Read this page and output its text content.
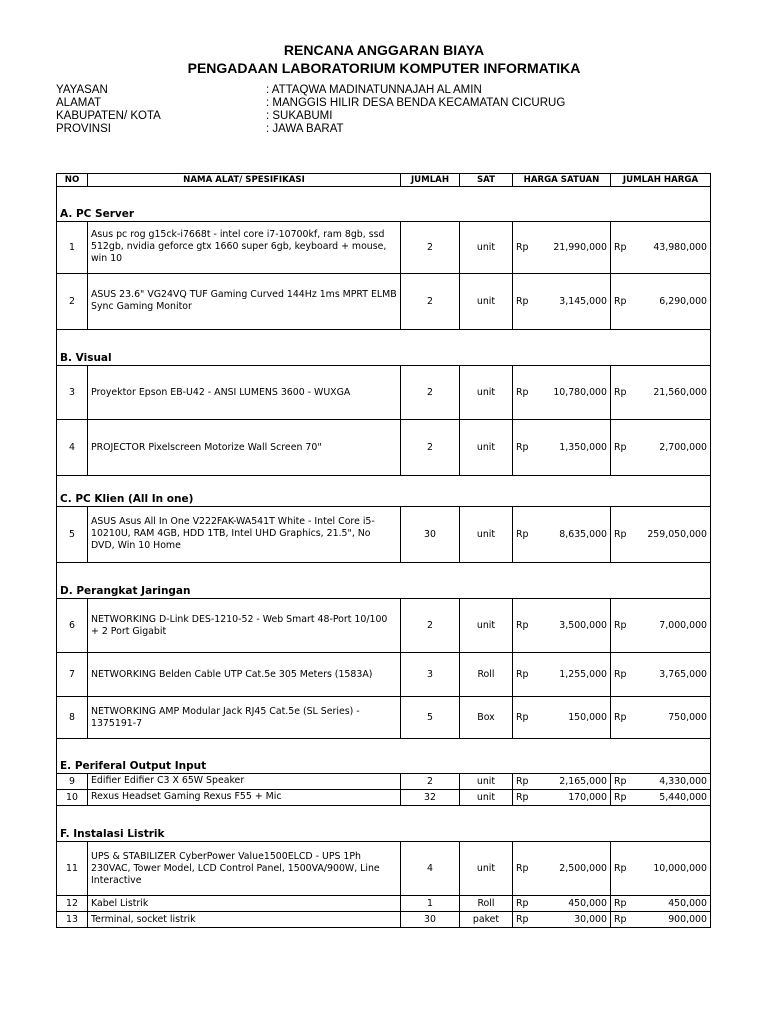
RENCANA ANGGARAN BIAYA
PENGADAAN LABORATORIUM KOMPUTER INFORMATIKA
YAYASAN	: ATTAQWA MADINATUNNAJAH AL AMIN
ALAMAT	: MANGGIS HILIR DESA BENDA KECAMATAN CICURUG
KABUPATEN/ KOTA	: SUKABUMI
PROVINSI	: JAWA BARAT
NO	NAMA ALAT/ SPESIFIKASI	JUMLAH	SAT	HARGA SATUAN		JUMLAH HARGA	

A. PC Server							
1	Asus pc rog g15ck-i7668t - intel core i7-10700kf, ram 8gb, ssd 512gb, nvidia geforce gtx 1660 super 6gb, keyboard + mouse, win 10	2	unit	Rp	21,990,000	Rp	43,980,000
2	ASUS 23.6" VG24VQ TUF Gaming Curved 144Hz 1ms MPRT ELMB Sync Gaming Monitor	2	unit	Rp	3,145,000	Rp	6,290,000

B. Visual							
3	Proyektor Epson EB-U42 - ANSI LUMENS 3600 - WUXGA	2	unit	Rp	10,780,000	Rp	21,560,000
4	PROJECTOR Pixelscreen Motorize Wall Screen 70"	2	unit	Rp	1,350,000	Rp	2,700,000

C. PC Klien (All In one)							
5	ASUS Asus All In One V222FAK-WA541T White - Intel Core i5-10210U, RAM 4GB, HDD 1TB, Intel UHD Graphics, 21.5", No DVD, Win 10 Home	30	unit	Rp	8,635,000	Rp	259,050,000

D. Perangkat Jaringan							
6	NETWORKING D-Link DES-1210-52 - Web Smart 48-Port 10/100 + 2 Port Gigabit	2	unit	Rp	3,500,000	Rp	7,000,000
7	NETWORKING Belden Cable UTP Cat.5e 305 Meters (1583A)	3	Roll	Rp	1,255,000	Rp	3,765,000
8	NETWORKING AMP Modular Jack RJ45 Cat.5e (SL Series) - 1375191-7	5	Box	Rp	150,000	Rp	750,000

E. Periferal Output Input							
9	Edifier Edifier C3 X 65W Speaker	2	unit	Rp	2,165,000	Rp	4,330,000
10	Rexus Headset Gaming Rexus F55 + Mic	32	unit	Rp	170,000	Rp	5,440,000

F. Instalasi Listrik							
11	UPS & STABILIZER CyberPower Value1500ELCD - UPS 1Ph 230VAC, Tower Model, LCD Control Panel, 1500VA/900W, Line Interactive	4	unit	Rp	2,500,000	Rp	10,000,000
12	Kabel Listrik	1	Roll	Rp	450,000	Rp	450,000
13	Terminal, socket listrik	30	paket	Rp	30,000	Rp	900,000
